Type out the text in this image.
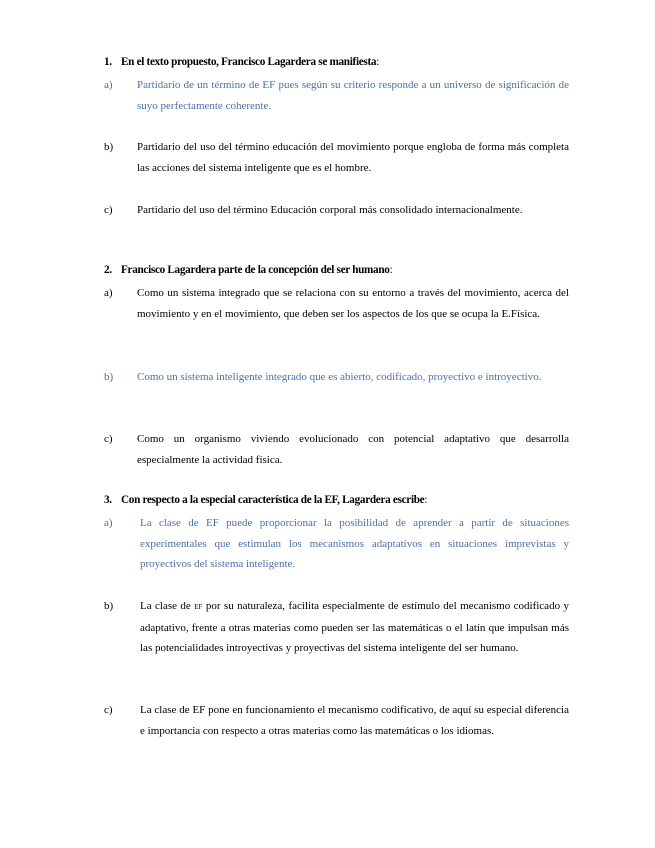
1. En el texto propuesto, Francisco Lagardera se manifiesta:
a) Partidario de un término de EF pues según su criterio responde a un universo de significación de suyo perfectamente coherente.
b) Partidario del uso del término educación del movimiento porque engloba de forma más completa las acciones del sistema inteligente que es el hombre.
c) Partidario del uso del término Educación corporal más consolidado internacionalmente.
2. Francisco Lagardera parte de la concepción del ser humano:
a) Como un sistema integrado que se relaciona con su entorno a través del movimiento, acerca del movimiento y en el movimiento, que deben ser los aspectos de los que se ocupa la E.Física.
b) Como un sistema inteligente integrado que es abierto, codificado, proyectivo e introyectivo.
c) Como un organismo viviendo evolucionado con potencial adaptativo que desarrolla especialmente la actividad física.
3. Con respecto a la especial característica de la EF, Lagardera escribe:
a) La clase de EF puede proporcionar la posibilidad de aprender a partir de situaciones experimentales que estimulan los mecanismos adaptativos en situaciones imprevistas y proyectivos del sistema inteligente.
b) La clase de EF por su naturaleza, facilita especialmente de estímulo del mecanismo codificado y adaptativo, frente a otras materias como pueden ser las matemáticas o el latín que impulsan más las potencialidades introyectivas y proyectivas del sistema inteligente del ser humano.
c) La clase de EF pone en funcionamiento el mecanismo codificativo, de aquí su especial diferencia e importancia con respecto a otras materias como las matemáticas o los idiomas.
